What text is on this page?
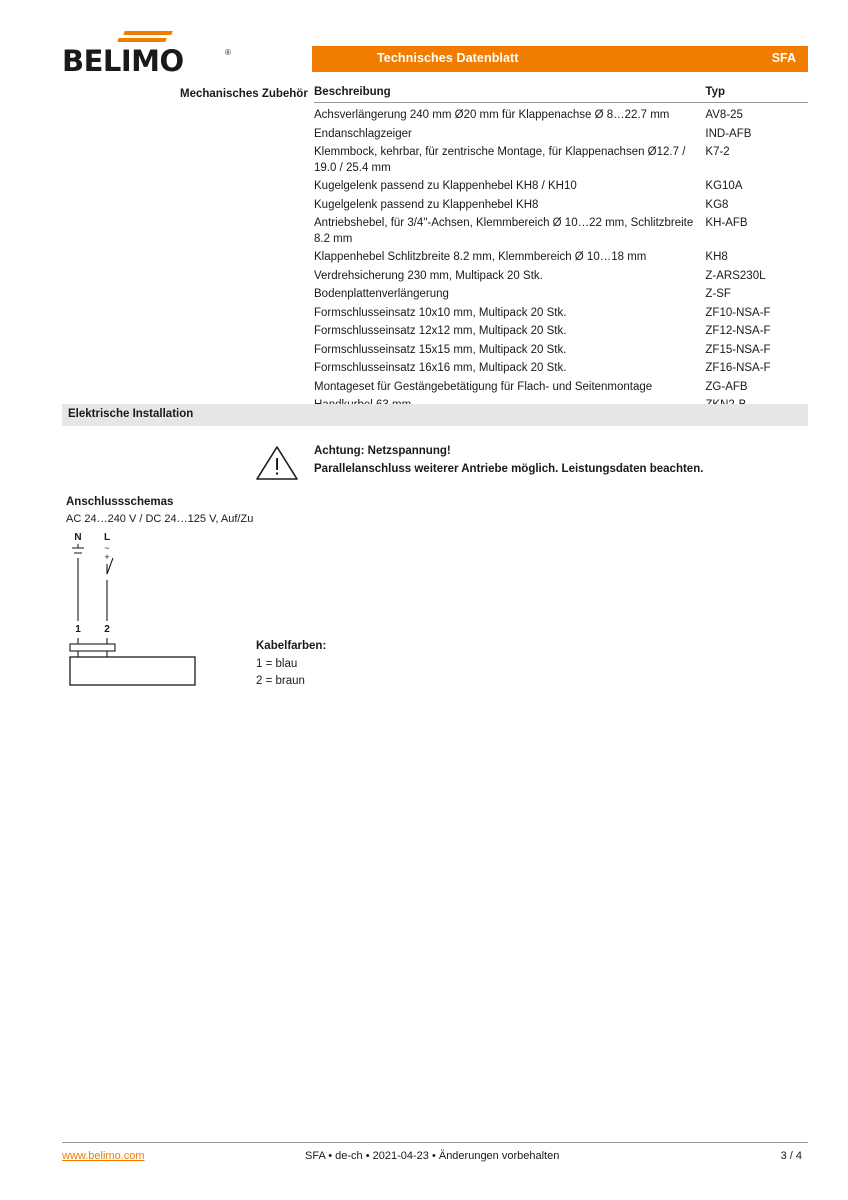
BELIMO	®	Technisches Datenblatt	SFA
Mechanisches Zubehör Beschreibung	Typ
Achsverlängerung 240 mm Ø20 mm für Klappenachse Ø 8…22.7 mm	AV8-25
Endanschlagzeiger	IND-AFB
Klemmbock, kehrbar, für zentrische Montage, für Klappenachsen Ø12.7 / 19.0 / 25.4 mm	K7-2
Kugelgelenk passend zu Klappenhebel KH8 / KH10	KG10A
Kugelgelenk passend zu Klappenhebel KH8	KG8
Antriebshebel, für 3/4"-Achsen, Klemmbereich Ø 10…22 mm, Schlitzbreite 8.2 mm	KH-AFB
Klappenhebel Schlitzbreite 8.2 mm, Klemmbereich Ø 10…18 mm	KH8
Verdrehsicherung 230 mm, Multipack 20 Stk.	Z-ARS230L
Bodenplattenverlängerung	Z-SF
Formschlusseinsatz 10x10 mm, Multipack 20 Stk.	ZF10-NSA-F
Formschlusseinsatz 12x12 mm, Multipack 20 Stk.	ZF12-NSA-F
Formschlusseinsatz 15x15 mm, Multipack 20 Stk.	ZF15-NSA-F
Formschlusseinsatz 16x16 mm, Multipack 20 Stk.	ZF16-NSA-F
Montageset für Gestängebetätigung für Flach- und Seitenmontage	ZG-AFB

Elektrische Installation
Achtung: Netzspannung!
Parallelanschluss weiterer Antriebe möglich. Leistungsdaten beachten.
Anschlussschemas
AC 24…240 V / DC 24…125 V, Auf/Zu
N L
~
+
1 2
Kabelfarben:
1 = blau
2 = braun
www.belimo.com	SFA • de-ch • 2021-04-23 • Änderungen vorbehalten	3 / 4
